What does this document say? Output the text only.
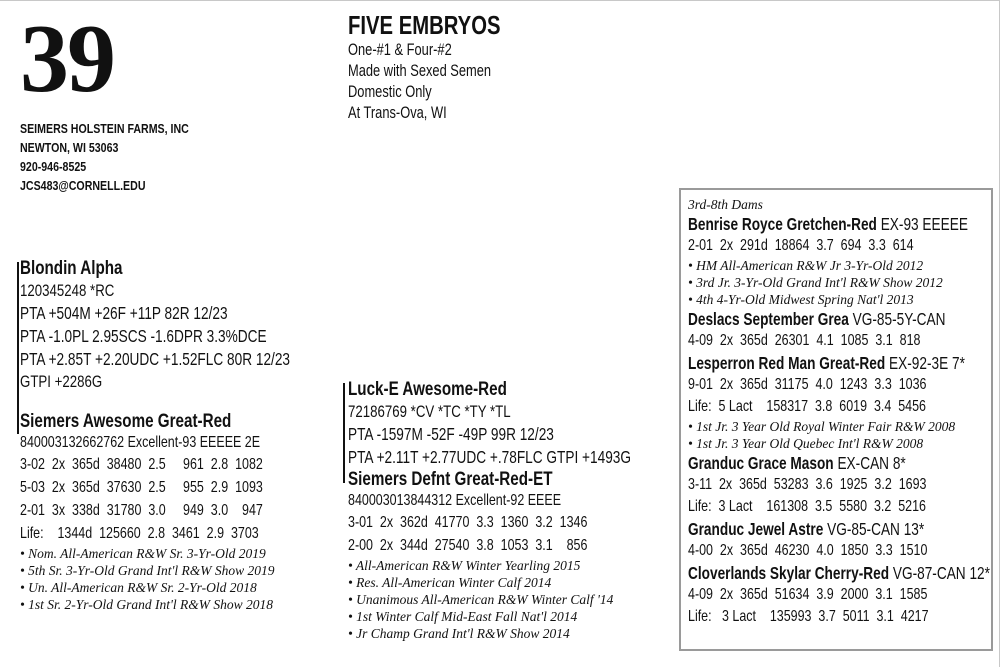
39
SEIMERS HOLSTEIN FARMS, INC
NEWTON, WI 53063
920-946-8525
JCS483@CORNELL.EDU
FIVE EMBRYOS
One-#1 & Four-#2
Made with Sexed Semen
Domestic Only
At Trans-Ova, WI
Blondin Alpha
120345248 *RC
PTA +504M +26F +11P 82R 12/23
PTA -1.0PL 2.95SCS -1.6DPR 3.3%DCE
PTA +2.85T +2.20UDC +1.52FLC 80R 12/23
GTPI +2286G
Siemers Awesome Great-Red
840003132662762 Excellent-93 EEEEE 2E
3-02  2x  365d  38480  2.5     961  2.8  1082
5-03  2x  365d  37630  2.5     955  2.9  1093
2-01  3x  338d  31780  3.0     949  3.0    947
Life:    1344d  125660  2.8  3461  2.9  3703
• Nom. All-American R&W Sr. 3-Yr-Old 2019
• 5th Sr. 3-Yr-Old Grand Int'l R&W Show 2019
• Un. All-American R&W Sr. 2-Yr-Old 2018
• 1st Sr. 2-Yr-Old Grand Int'l R&W Show 2018
Luck-E Awesome-Red
72186769 *CV *TC *TY *TL
PTA -1597M -52F -49P 99R 12/23
PTA +2.11T +2.77UDC +.78FLC GTPI +1493G
Siemers Defnt Great-Red-ET
840003013844312 Excellent-92 EEEE
3-01  2x  362d  41770  3.3  1360  3.2  1346
2-00  2x  344d  27540  3.8  1053  3.1    856
• All-American R&W Winter Yearling 2015
• Res. All-American Winter Calf 2014
• Unanimous All-American R&W Winter Calf '14
• 1st Winter Calf Mid-East Fall Nat'l 2014
• Jr Champ Grand Int'l R&W Show 2014
3rd-8th Dams
Benrise Royce Gretchen-Red EX-93 EEEEE
2-01  2x  291d  18864  3.7  694  3.3  614
• HM All-American R&W Jr 3-Yr-Old 2012
• 3rd Jr. 3-Yr-Old Grand Int'l R&W Show 2012
• 4th 4-Yr-Old Midwest Spring Nat'l 2013
Deslacs September Grea VG-85-5Y-CAN
4-09  2x  365d  26301  4.1  1085  3.1  818
Lesperron Red Man Great-Red EX-92-3E 7*
9-01  2x  365d  31175  4.0  1243  3.3  1036
Life:  5 Lact    158317  3.8  6019  3.4  5456
• 1st Jr. 3 Year Old Royal Winter Fair R&W 2008
• 1st Jr. 3 Year Old Quebec Int'l R&W 2008
Granduc Grace Mason EX-CAN 8*
3-11  2x  365d  53283  3.6  1925  3.2  1693
Life:  3 Lact    161308  3.5  5580  3.2  5216
Granduc Jewel Astre VG-85-CAN 13*
4-00  2x  365d  46230  4.0  1850  3.3  1510
Cloverlands Skylar Cherry-Red VG-87-CAN 12*
4-09  2x  365d  51634  3.9  2000  3.1  1585
Life:   3 Lact    135993  3.7  5011  3.1  4217
